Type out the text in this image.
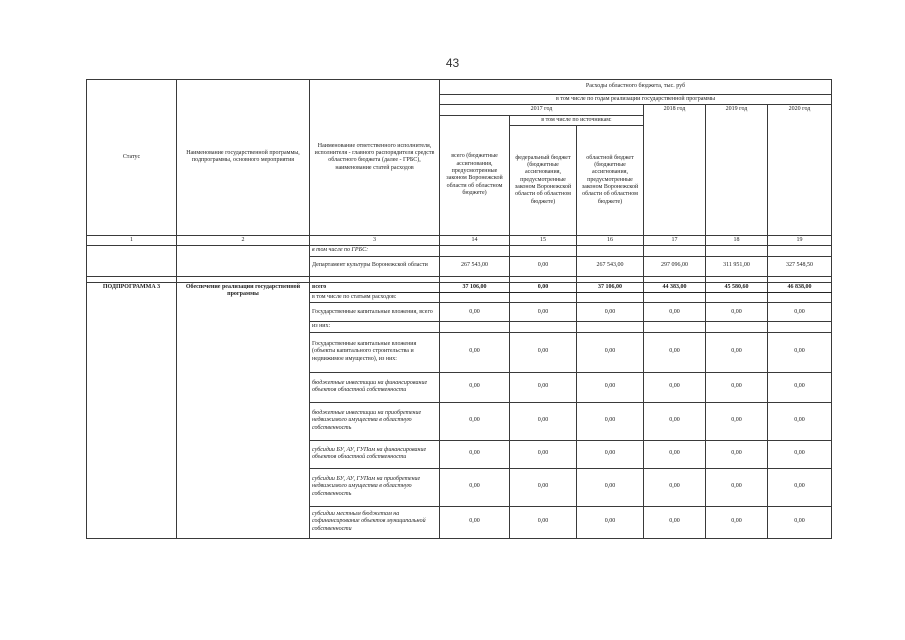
43
Статус	Наименование государственной программы, подпрограммы, основного мероприятия	Наименование ответственного исполнителя, исполнителя - главного распорядителя средств областного бюджета (далее - ГРБС), наименование статей расходов	Расходы областного бюджета, тыс. руб					
			в том числе по годам реализации государственной программы					
			2017 год			2018 год	2019 год	2020 год
			всего (бюджетные ассигнования, предусмотренные законом Воронежской области об областном бюджете)	в том числе по источникам:				
				федеральный бюджет (бюджетные ассигнования, предусмотренные законом Воронежской области об областном бюджете)	областной бюджет (бюджетные ассигнования, предусмотренные законом Воронежской области об областном бюджете)			

1	2	3	14	15	16	17	18	19
		в том числе по ГРБС:						
		Департамент культуры Воронежской области	267 543,00	0,00	267 543,00	297 096,00	311 951,00	327 548,50

ПОДПРОГРАММА 3	Обеспечение реализации государственной программы	всего	37 106,00	0,00	37 106,00	44 383,00	45 580,60	46 838,00
		в том числе по статьям расходов:						
		Государственные капитальные вложения, всего	0,00	0,00	0,00	0,00	0,00	0,00
		из них:						
		Государственные капитальные вложения (объекты капитального строительства и недвижимое имущество), из них:	0,00	0,00	0,00	0,00	0,00	0,00
		бюджетные инвестиции на финансирование объектов областной собственности	0,00	0,00	0,00	0,00	0,00	0,00
		бюджетные инвестиции на приобретение недвижимого имущества в областную собственность	0,00	0,00	0,00	0,00	0,00	0,00
		субсидии БУ, АУ, ГУПам на финансирование объектов областной собственности	0,00	0,00	0,00	0,00	0,00	0,00
		субсидии БУ, АУ, ГУПам на приобретение недвижимого имущества в областную собственность	0,00	0,00	0,00	0,00	0,00	0,00
		субсидии местным бюджетам на софинансирование объектов муниципальной собственности	0,00	0,00	0,00	0,00	0,00	0,00
